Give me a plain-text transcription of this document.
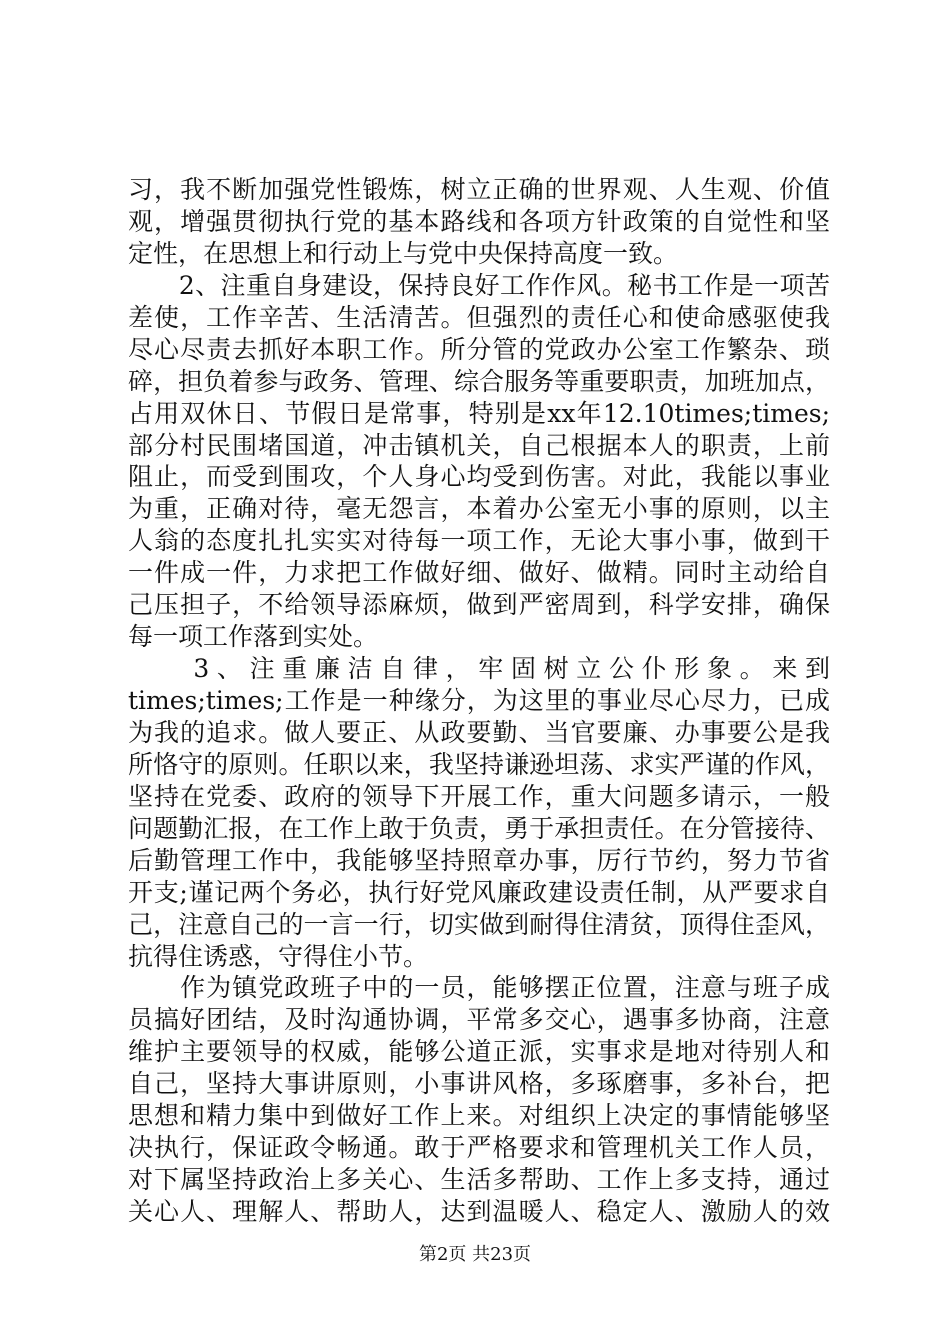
习，我不断加强党性锻炼，树立正确的世界观、人生观、价值
观，增强贯彻执行党的基本路线和各项方针政策的自觉性和坚
定性，在思想上和行动上与党中央保持高度一致。
　　2、注重自身建设，保持良好工作作风。秘书工作是一项苦
差使，工作辛苦、生活清苦。但强烈的责任心和使命感驱使我
尽心尽责去抓好本职工作。所分管的党政办公室工作繁杂、琐
碎，担负着参与政务、管理、综合服务等重要职责，加班加点，
占用双休日、节假日是常事，特别是xx年12.10times;times;
部分村民围堵国道，冲击镇机关，自己根据本人的职责，上前
阻止，而受到围攻，个人身心均受到伤害。对此，我能以事业
为重，正确对待，毫无怨言，本着办公室无小事的原则，以主
人翁的态度扎扎实实对待每一项工作，无论大事小事，做到干
一件成一件，力求把工作做好细、做好、做精。同时主动给自
己压担子，不给领导添麻烦，做到严密周到，科学安排，确保
每一项工作落到实处。
　　3、注重廉洁自律，牢固树立公仆形象。来到
times;times;工作是一种缘分，为这里的事业尽心尽力，已成
为我的追求。做人要正、从政要勤、当官要廉、办事要公是我
所恪守的原则。任职以来，我坚持谦逊坦荡、求实严谨的作风，
坚持在党委、政府的领导下开展工作，重大问题多请示，一般
问题勤汇报，在工作上敢于负责，勇于承担责任。在分管接待、
后勤管理工作中，我能够坚持照章办事，厉行节约，努力节省
开支;谨记两个务必，执行好党风廉政建设责任制，从严要求自
己，注意自己的一言一行，切实做到耐得住清贫，顶得住歪风，
抗得住诱惑，守得住小节。
　　作为镇党政班子中的一员，能够摆正位置，注意与班子成
员搞好团结，及时沟通协调，平常多交心，遇事多协商，注意
维护主要领导的权威，能够公道正派，实事求是地对待别人和
自己，坚持大事讲原则，小事讲风格，多琢磨事，多补台，把
思想和精力集中到做好工作上来。对组织上决定的事情能够坚
决执行，保证政令畅通。敢于严格要求和管理机关工作人员，
对下属坚持政治上多关心、生活多帮助、工作上多支持，通过
关心人、理解人、帮助人，达到温暖人、稳定人、激励人的效
第2页 共23页
